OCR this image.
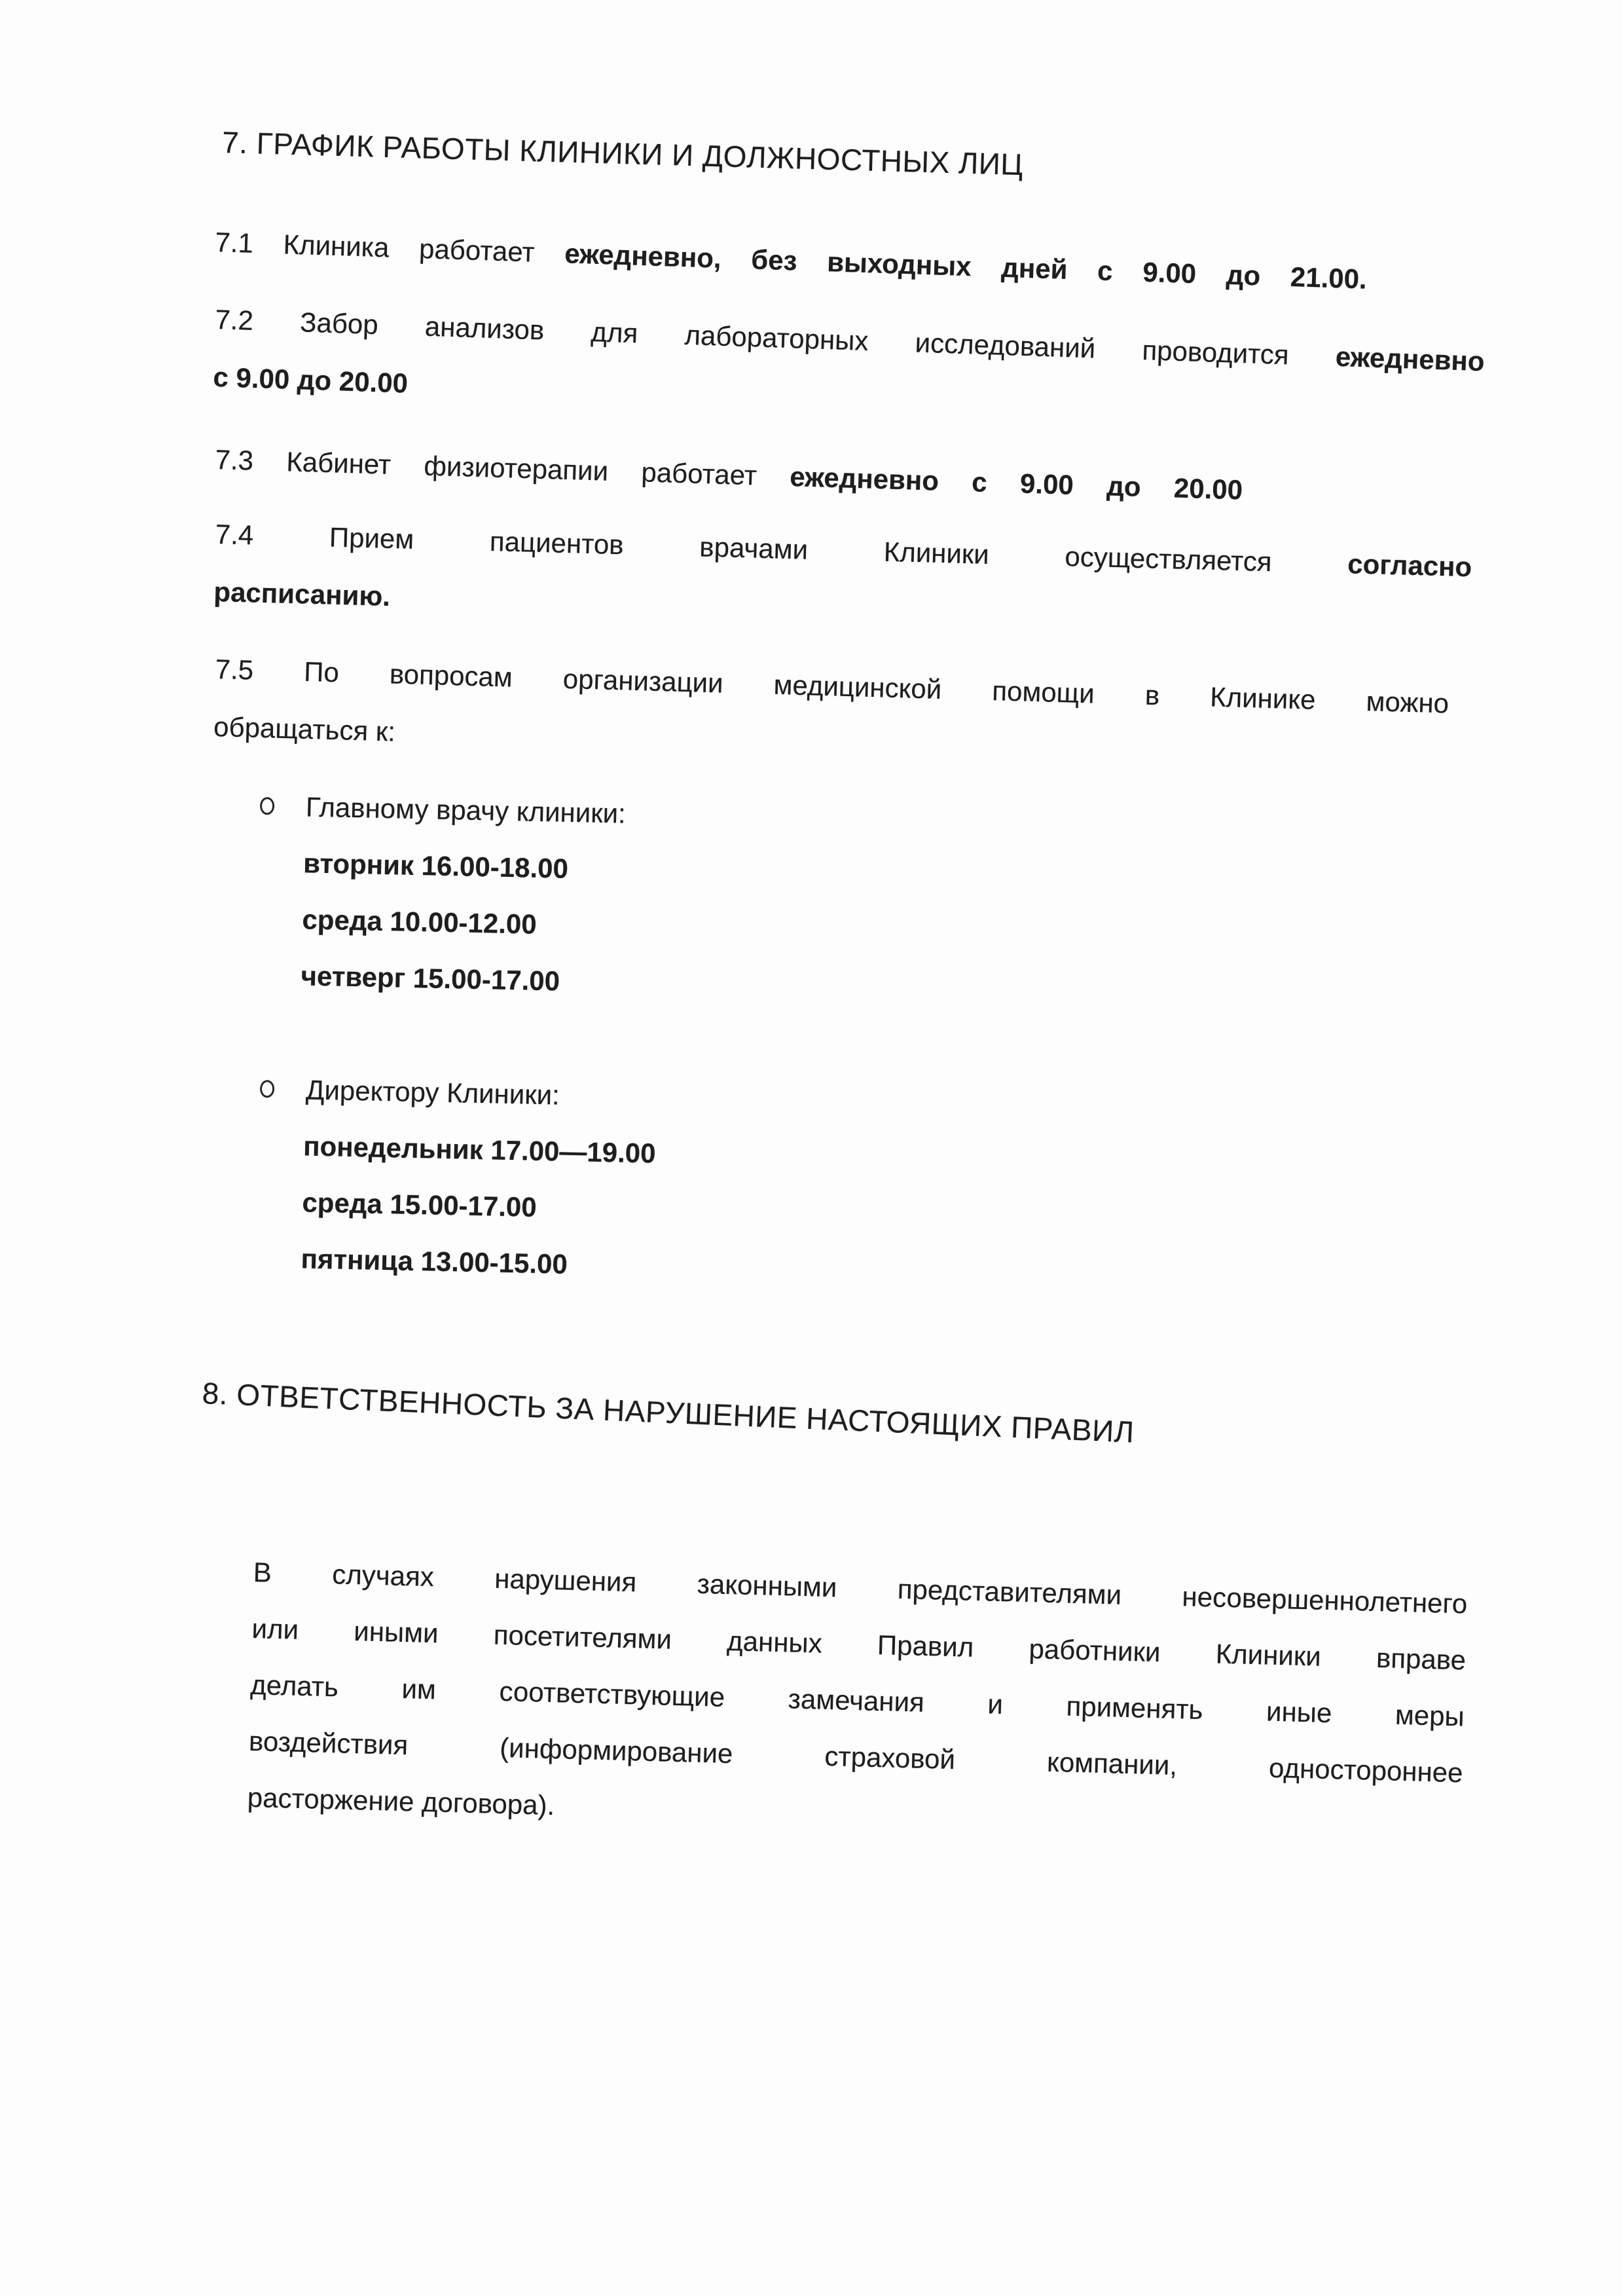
7. ГРАФИК РАБОТЫ КЛИНИКИ И ДОЛЖНОСТНЫХ ЛИЦ
7.1 Клиника работает ежедневно, без выходных дней с 9.00 до 21.00.
7.2 Забор анализов для лабораторных исследований проводится ежедневно
с 9.00 до 20.00
7.3 Кабинет физиотерапии работает ежедневно с 9.00 до 20.00
7.4 Прием пациентов врачами Клиники осуществляется согласно
расписанию.
7.5 По вопросам организации медицинской помощи в Клинике можно
обращаться к:
Главному врачу клиники:
вторник 16.00-18.00
среда 10.00-12.00
четверг 15.00-17.00
Директору Клиники:
понедельник 17.00—19.00
среда 15.00-17.00
пятница 13.00-15.00
8. ОТВЕТСТВЕННОСТЬ ЗА НАРУШЕНИЕ НАСТОЯЩИХ ПРАВИЛ
В случаях нарушения законными представителями несовершеннолетнего
или иными посетителями данных Правил работники Клиники вправе
делать им соответствующие замечания и применять иные меры
воздействия (информирование страховой компании, одностороннее
расторжение договора).
